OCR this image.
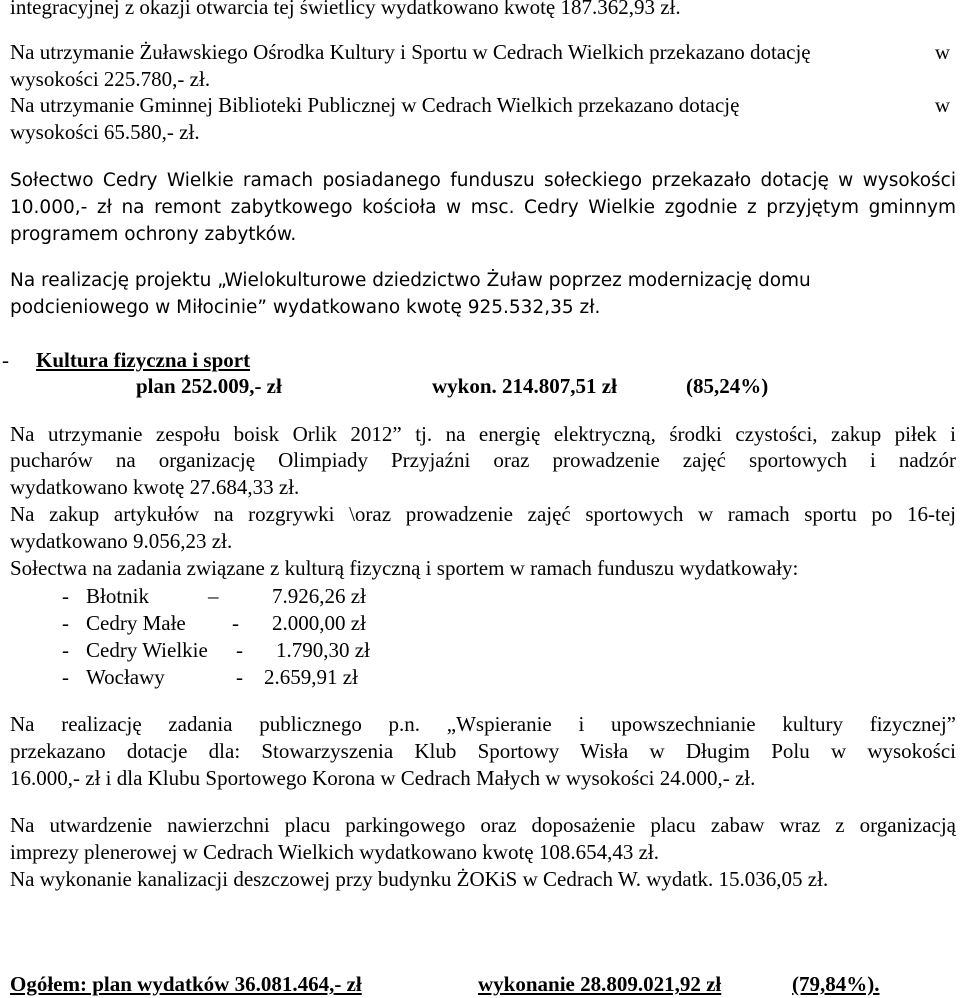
integracyjnej z okazji otwarcia tej świetlicy wydatkowano kwotę 187.362,93 zł.
Na utrzymanie Żuławskiego Ośrodka Kultury i Sportu w Cedrach Wielkich przekazano dotację	w
wysokości 225.780,- zł.
Na utrzymanie Gminnej Biblioteki Publicznej w Cedrach Wielkich przekazano dotację	w
wysokości 65.580,- zł.
Sołectwo Cedry Wielkie ramach posiadanego funduszu sołeckiego przekazało dotację w wysokości
10.000,- zł na remont zabytkowego kościoła w msc. Cedry Wielkie zgodnie z przyjętym gminnym
programem ochrony zabytków.
Na realizację projektu „Wielokulturowe dziedzictwo Żuław poprzez modernizację domu
podcieniowego w Miłocinie” wydatkowano kwotę 925.532,35 zł.
- Kultura fizyczna i sport
plan 252.009,- zł	wykon. 214.807,51 zł	(85,24%)
Na utrzymanie zespołu boisk Orlik 2012” tj. na energię elektryczną, środki czystości, zakup piłek i
pucharów na organizację Olimpiady Przyjaźni oraz prowadzenie zajęć sportowych i nadzór
wydatkowano kwotę 27.684,33 zł.
Na zakup artykułów na rozgrywki \oraz prowadzenie zajęć sportowych w ramach sportu po 16-tej
wydatkowano 9.056,23 zł.
Sołectwa na zadania związane z kulturą fizyczną i sportem w ramach funduszu wydatkowały:
- Błotnik	–	7.926,26 zł
- Cedry Małe - 2.000,00 zł
- Cedry Wielkie - 1.790,30 zł
- Wocławy	- 2.659,91 zł
Na realizację zadania publicznego p.n. „Wspieranie i upowszechnianie kultury fizycznej”
przekazano dotacje dla: Stowarzyszenia Klub Sportowy Wisła w Długim Polu w wysokości
16.000,- zł i dla Klubu Sportowego Korona w Cedrach Małych w wysokości 24.000,- zł.
Na utwardzenie nawierzchni placu parkingowego oraz doposażenie placu zabaw wraz z organizacją
imprezy plenerowej w Cedrach Wielkich wydatkowano kwotę 108.654,43 zł.
Na wykonanie kanalizacji deszczowej przy budynku ŻOKiS w Cedrach W. wydatk. 15.036,05 zł.
Ogółem: plan wydatków 36.081.464,- zł	wykonanie 28.809.021,92 zł	(79,84%).
